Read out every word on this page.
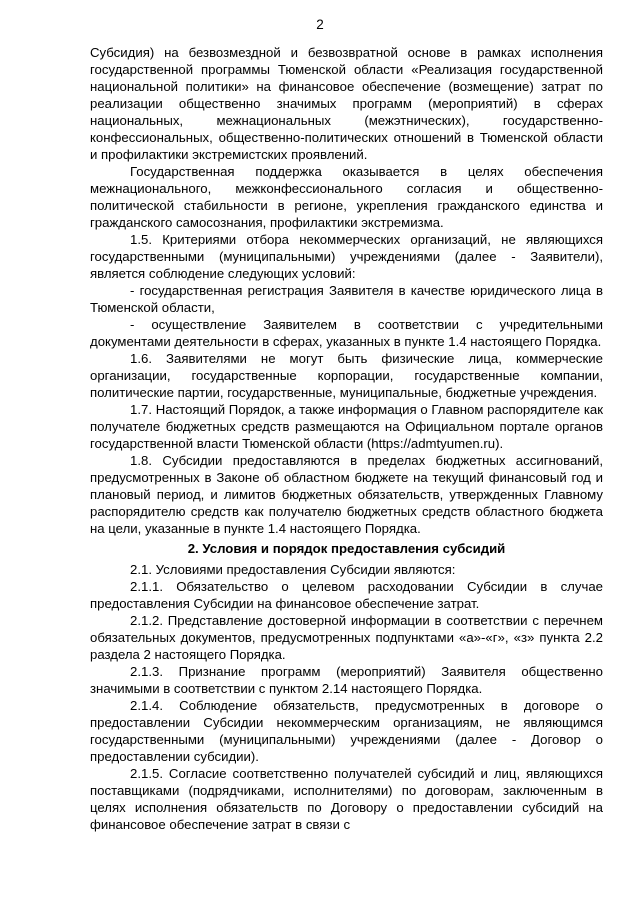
2

Субсидия) на безвозмездной и безвозвратной основе в рамках исполнения государственной программы Тюменской области «Реализация государственной национальной политики» на финансовое обеспечение (возмещение) затрат по реализации общественно значимых программ (мероприятий) в сферах национальных, межнациональных (межэтнических), государственно-конфессиональных, общественно-политических отношений в Тюменской области и профилактики экстремистских проявлений.

Государственная поддержка оказывается в целях обеспечения межнационального, межконфессионального согласия и общественно-политической стабильности в регионе, укрепления гражданского единства и гражданского самосознания, профилактики экстремизма.

1.5. Критериями отбора некоммерческих организаций, не являющихся государственными (муниципальными) учреждениями (далее - Заявители), является соблюдение следующих условий:

- государственная регистрация Заявителя в качестве юридического лица в Тюменской области,

- осуществление Заявителем в соответствии с учредительными документами деятельности в сферах, указанных в пункте 1.4 настоящего Порядка.

1.6. Заявителями не могут быть физические лица, коммерческие организации, государственные корпорации, государственные компании, политические партии, государственные, муниципальные, бюджетные учреждения.

1.7. Настоящий Порядок, а также информация о Главном распорядителе как получателе бюджетных средств размещаются на Официальном портале органов государственной власти Тюменской области (https://admtyumen.ru).

1.8. Субсидии предоставляются в пределах бюджетных ассигнований, предусмотренных в Законе об областном бюджете на текущий финансовый год и плановый период, и лимитов бюджетных обязательств, утвержденных Главному распорядителю средств как получателю бюджетных средств областного бюджета на цели, указанные в пункте 1.4 настоящего Порядка.

2. Условия и порядок предоставления субсидий

2.1. Условиями предоставления Субсидии являются:

2.1.1. Обязательство о целевом расходовании Субсидии в случае предоставления Субсидии на финансовое обеспечение затрат.

2.1.2. Представление достоверной информации в соответствии с перечнем обязательных документов, предусмотренных подпунктами «а»-«г», «з» пункта 2.2 раздела 2 настоящего Порядка.

2.1.3. Признание программ (мероприятий) Заявителя общественно значимыми в соответствии с пунктом 2.14 настоящего Порядка.

2.1.4. Соблюдение обязательств, предусмотренных в договоре о предоставлении Субсидии некоммерческим организациям, не являющимся государственными (муниципальными) учреждениями (далее - Договор о предоставлении субсидии).

2.1.5. Согласие соответственно получателей субсидий и лиц, являющихся поставщиками (подрядчиками, исполнителями) по договорам, заключенным в целях исполнения обязательств по Договору о предоставлении субсидий на финансовое обеспечение затрат в связи с
